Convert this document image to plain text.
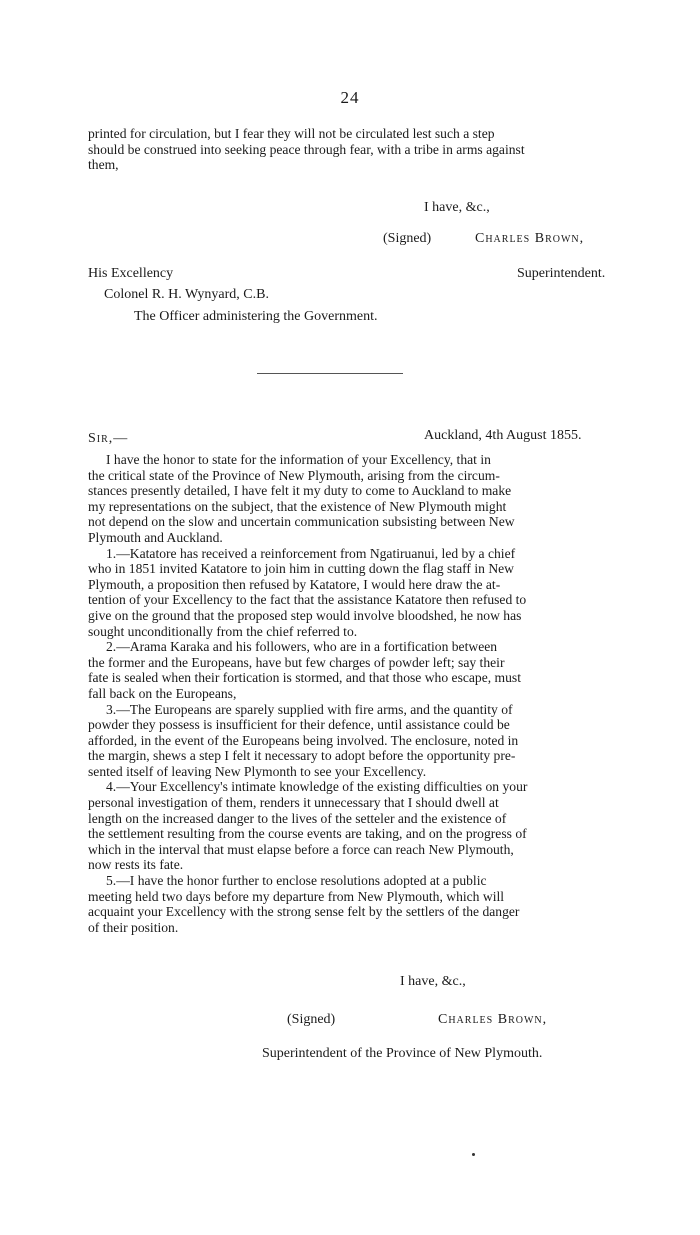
24
printed for circulation, but I fear they will not be circulated lest such a step
should be construed into seeking peace through fear, with a tribe in arms against
them,
I have, &c.,
(Signed)	Charles Brown,
His Excellency	Superintendent.
Colonel R. H. Wynyard, C.B.
The Officer administering the Government.
Sir,—	Auckland, 4th August 1855.
I have the honor to state for the information of your Excellency, that in
the critical state of the Province of New Plymouth, arising from the circum-
stances presently detailed, I have felt it my duty to come to Auckland to make
my representations on the subject, that the existence of New Plymouth might
not depend on the slow and uncertain communication subsisting between New
Plymouth and Auckland.
1.—Katatore has received a reinforcement from Ngatiruanui, led by a chief
who in 1851 invited Katatore to join him in cutting down the flag staff in New
Plymouth, a proposition then refused by Katatore, I would here draw the at-
tention of your Excellency to the fact that the assistance Katatore then refused to
give on the ground that the proposed step would involve bloodshed, he now has
sought unconditionally from the chief referred to.
2.—Arama Karaka and his followers, who are in a fortification between
the former and the Europeans, have but few charges of powder left; say their
fate is sealed when their fortication is stormed, and that those who escape, must
fall back on the Europeans,
3.—The Europeans are sparely supplied with fire arms, and the quantity of
powder they possess is insufficient for their defence, until assistance could be
afforded, in the event of the Europeans being involved. The enclosure, noted in
the margin, shews a step I felt it necessary to adopt before the opportunity pre-
sented itself of leaving New Plymonth to see your Excellency.
4.—Your Excellency's intimate knowledge of the existing difficulties on your
personal investigation of them, renders it unnecessary that I should dwell at
length on the increased danger to the lives of the setteler and the existence of
the settlement resulting from the course events are taking, and on the progress of
which in the interval that must elapse before a force can reach New Plymouth,
now rests its fate.
5.—I have the honor further to enclose resolutions adopted at a public
meeting held two days before my departure from New Plymouth, which will
acquaint your Excellency with the strong sense felt by the settlers of the danger
of their position.
I have, &c.,
(Signed)	Charles Brown,
Superintendent of the Province of New Plymouth.
